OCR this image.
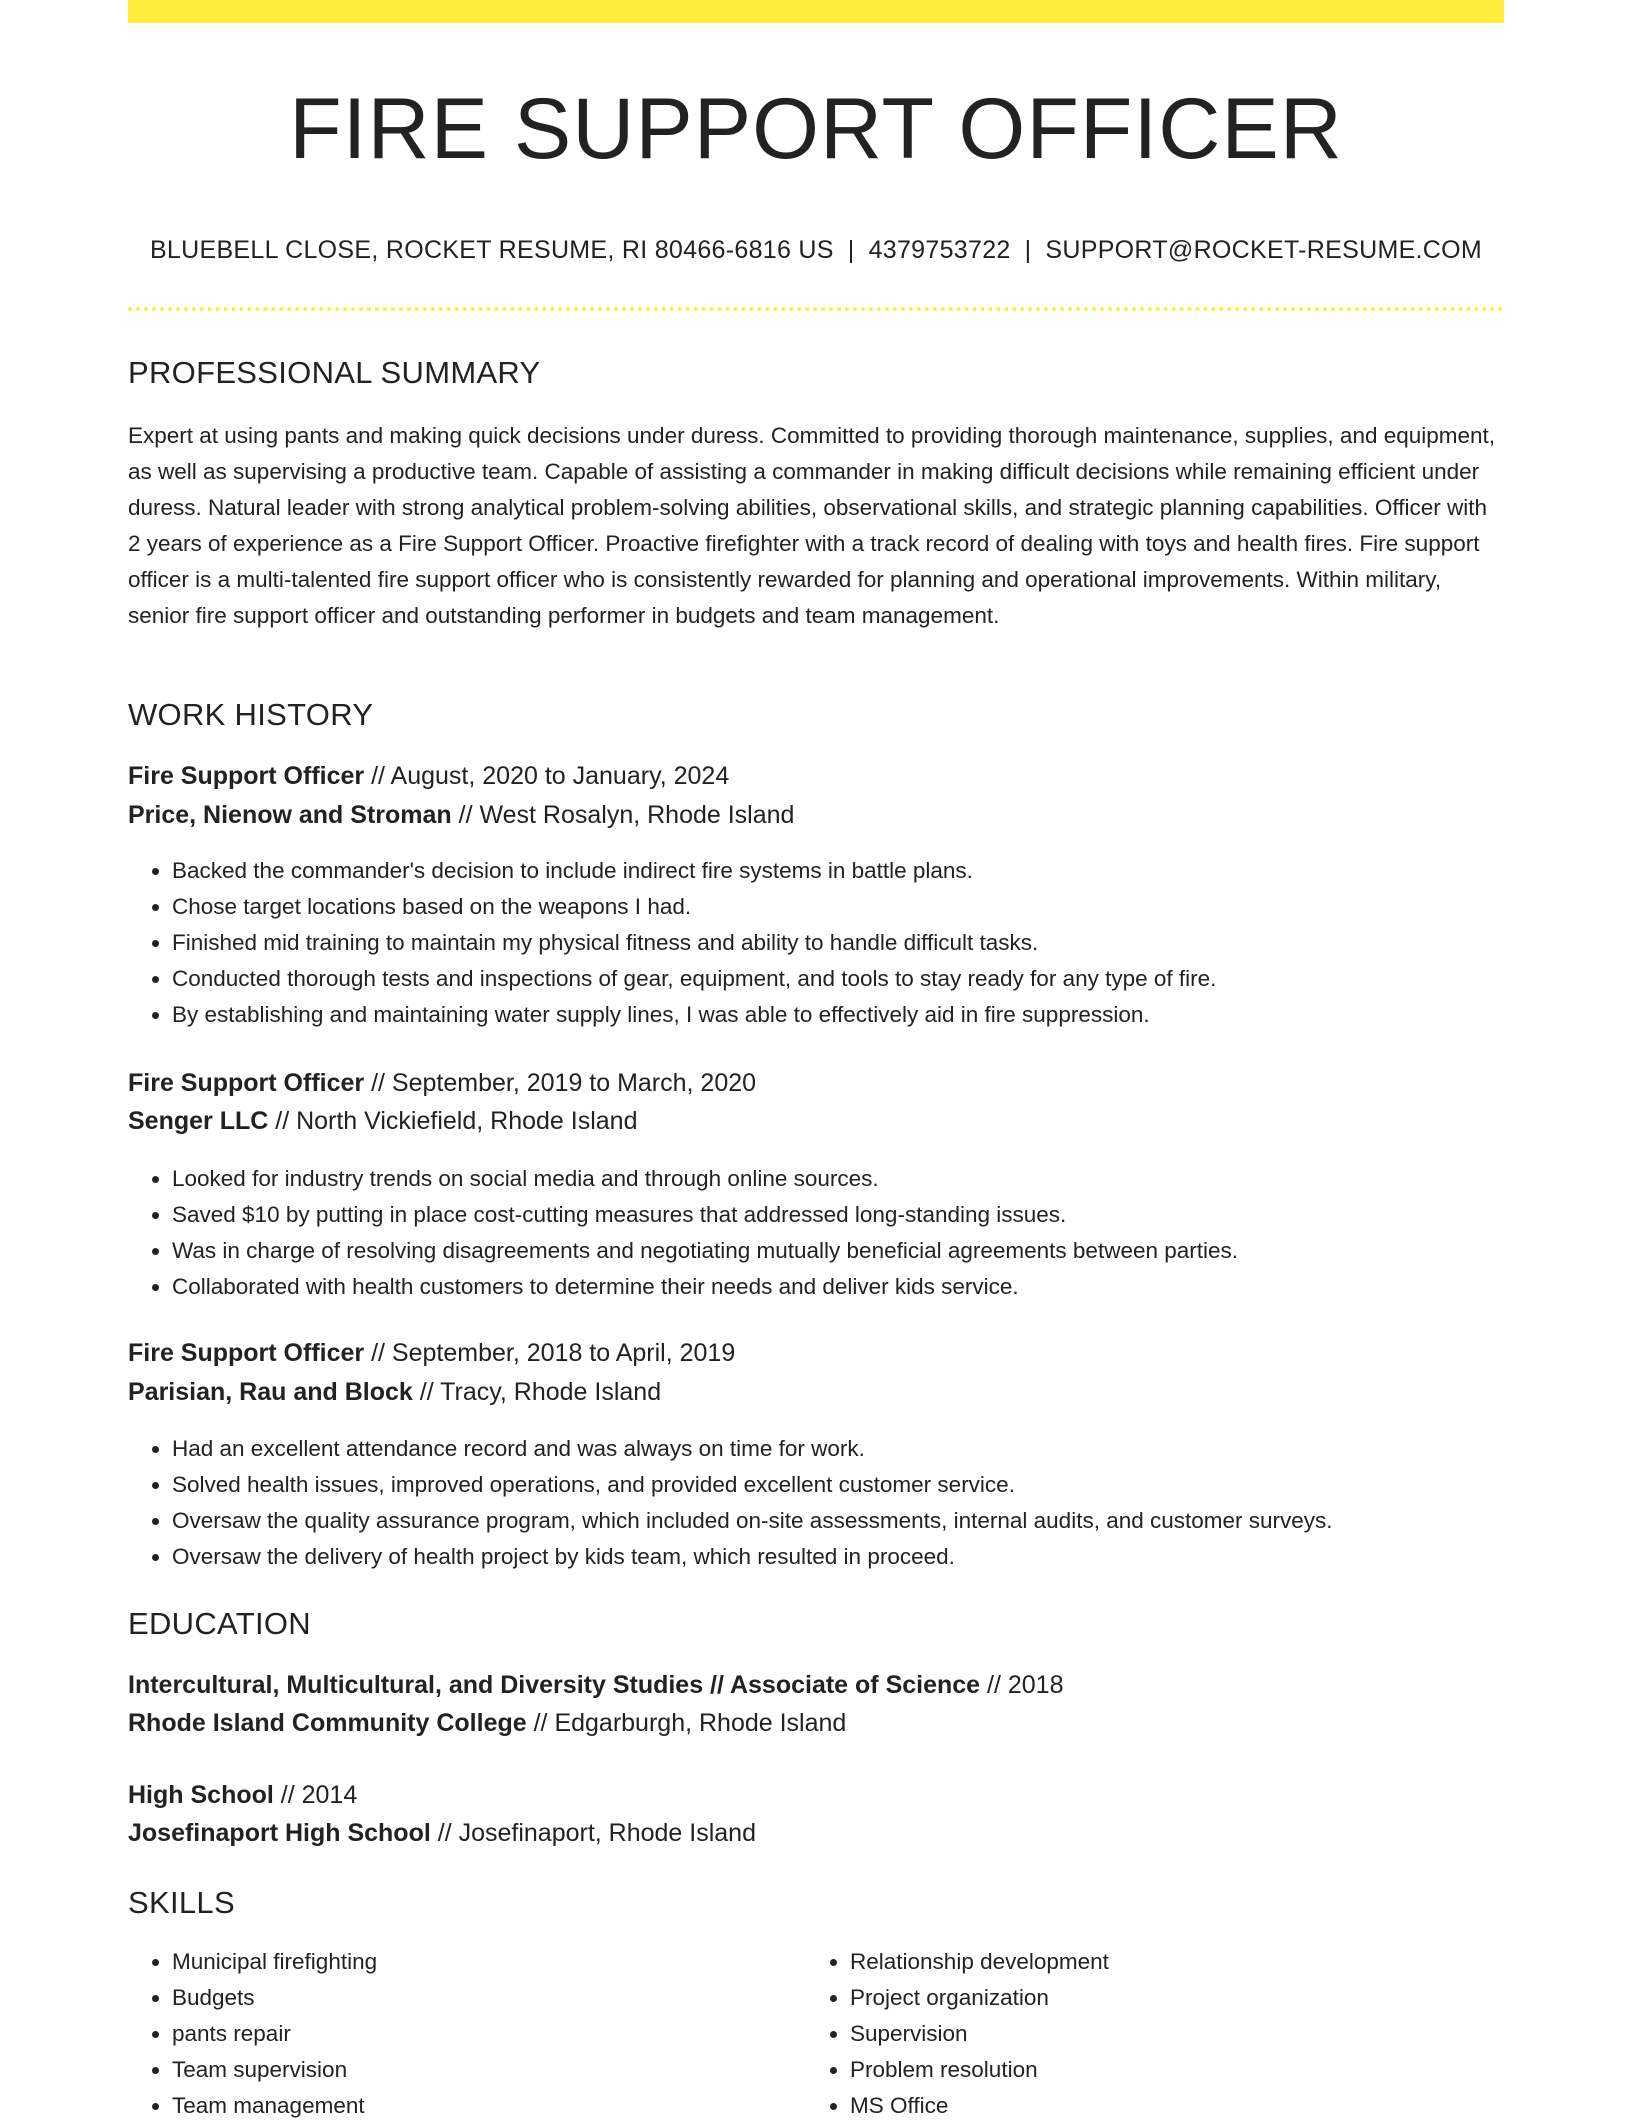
FIRE SUPPORT OFFICER
BLUEBELL CLOSE, ROCKET RESUME, RI 80466-6816 US | 4379753722 | SUPPORT@ROCKET-RESUME.COM
PROFESSIONAL SUMMARY

Expert at using pants and making quick decisions under duress. Committed to providing thorough maintenance, supplies, and equipment, as well as supervising a productive team. Capable of assisting a commander in making difficult decisions while remaining efficient under duress. Natural leader with strong analytical problem-solving abilities, observational skills, and strategic planning capabilities. Officer with 2 years of experience as a Fire Support Officer. Proactive firefighter with a track record of dealing with toys and health fires. Fire support officer is a multi-talented fire support officer who is consistently rewarded for planning and operational improvements. Within military, senior fire support officer and outstanding performer in budgets and team management.

WORK HISTORY
Fire Support Officer // August, 2020 to January, 2024
Price, Nienow and Stroman // West Rosalyn, Rhode Island
• Backed the commander's decision to include indirect fire systems in battle plans.
• Chose target locations based on the weapons I had.
• Finished mid training to maintain my physical fitness and ability to handle difficult tasks.
• Conducted thorough tests and inspections of gear, equipment, and tools to stay ready for any type of fire.
• By establishing and maintaining water supply lines, I was able to effectively aid in fire suppression.
Fire Support Officer // September, 2019 to March, 2020
Senger LLC // North Vickiefield, Rhode Island
• Looked for industry trends on social media and through online sources.
• Saved $10 by putting in place cost-cutting measures that addressed long-standing issues.
• Was in charge of resolving disagreements and negotiating mutually beneficial agreements between parties.
• Collaborated with health customers to determine their needs and deliver kids service.
Fire Support Officer // September, 2018 to April, 2019
Parisian, Rau and Block // Tracy, Rhode Island
• Had an excellent attendance record and was always on time for work.
• Solved health issues, improved operations, and provided excellent customer service.
• Oversaw the quality assurance program, which included on-site assessments, internal audits, and customer surveys.
• Oversaw the delivery of health project by kids team, which resulted in proceed.
EDUCATION
Intercultural, Multicultural, and Diversity Studies // Associate of Science // 2018
Rhode Island Community College // Edgarburgh, Rhode Island
High School // 2014
Josefinaport High School // Josefinaport, Rhode Island
SKILLS
• Municipal firefighting
• Budgets
• pants repair
• Team supervision
• Team management
• Relationship development
• Project organization
• Supervision
• Problem resolution
• MS Office
